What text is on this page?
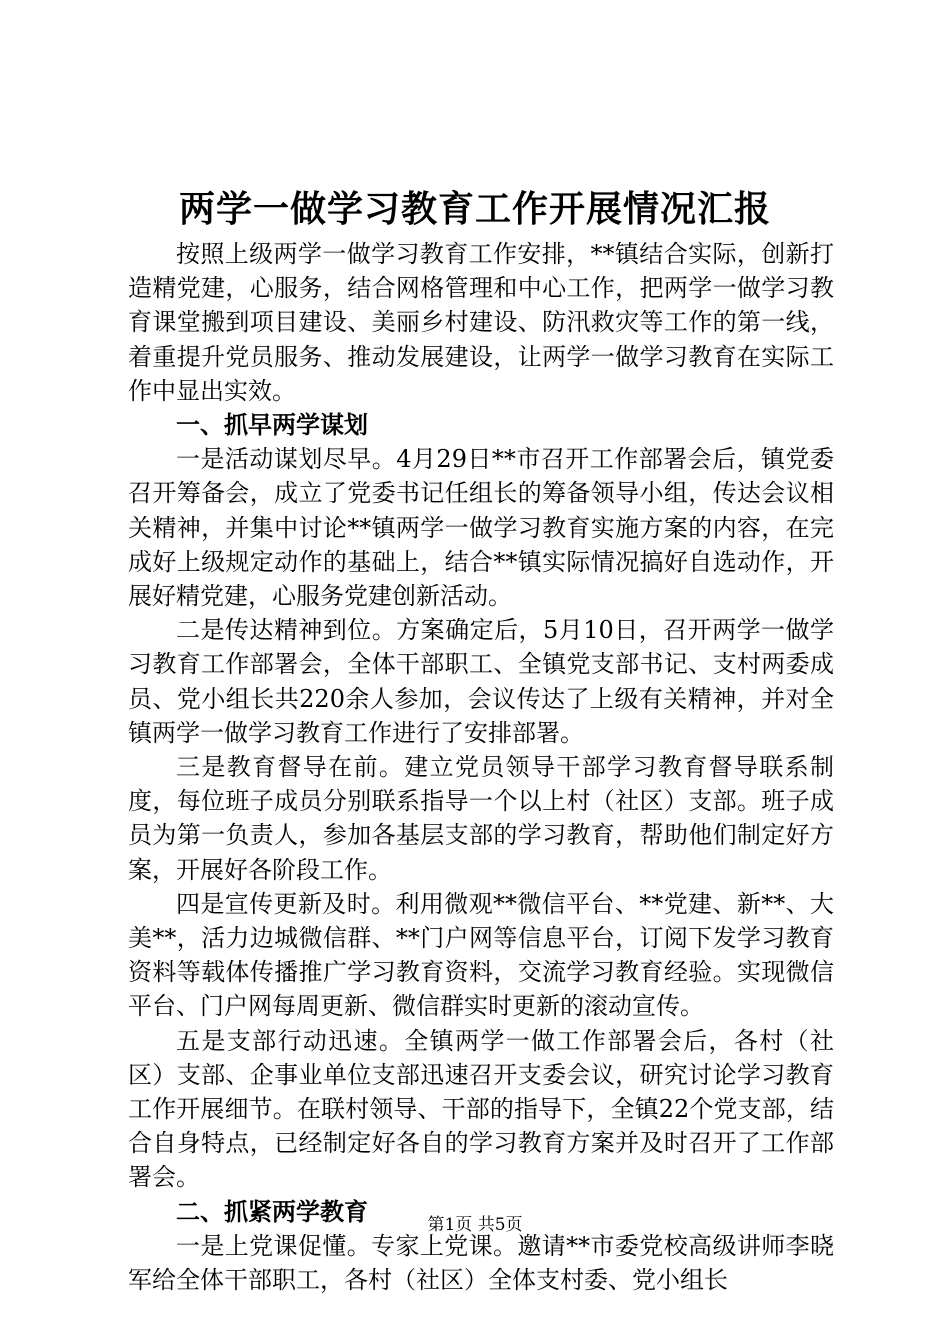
两学一做学习教育工作开展情况汇报

按照上级两学一做学习教育工作安排，**镇结合实际，创新打造精党建，心服务，结合网格管理和中心工作，把两学一做学习教育课堂搬到项目建设、美丽乡村建设、防汛救灾等工作的第一线，着重提升党员服务、推动发展建设，让两学一做学习教育在实际工作中显出实效。

一、抓早两学谋划

一是活动谋划尽早。4月29日**市召开工作部署会后，镇党委召开筹备会，成立了党委书记任组长的筹备领导小组，传达会议相关精神，并集中讨论**镇两学一做学习教育实施方案的内容，在完成好上级规定动作的基础上，结合**镇实际情况搞好自选动作，开展好精党建，心服务党建创新活动。

二是传达精神到位。方案确定后，5月10日，召开两学一做学习教育工作部署会，全体干部职工、全镇党支部书记、支村两委成员、党小组长共220余人参加，会议传达了上级有关精神，并对全镇两学一做学习教育工作进行了安排部署。

三是教育督导在前。建立党员领导干部学习教育督导联系制度，每位班子成员分别联系指导一个以上村（社区）支部。班子成员为第一负责人，参加各基层支部的学习教育，帮助他们制定好方案，开展好各阶段工作。

四是宣传更新及时。利用微观**微信平台、**党建、新**、大美**，活力边城微信群、**门户网等信息平台，订阅下发学习教育资料等载体传播推广学习教育资料，交流学习教育经验。实现微信平台、门户网每周更新、微信群实时更新的滚动宣传。

五是支部行动迅速。全镇两学一做工作部署会后，各村（社区）支部、企事业单位支部迅速召开支委会议，研究讨论学习教育工作开展细节。在联村领导、干部的指导下，全镇22个党支部，结合自身特点，已经制定好各自的学习教育方案并及时召开了工作部署会。

二、抓紧两学教育

一是上党课促懂。专家上党课。邀请**市委党校高级讲师李晓军给全体干部职工，各村（社区）全体支村委、党小组长

第1页 共5页
